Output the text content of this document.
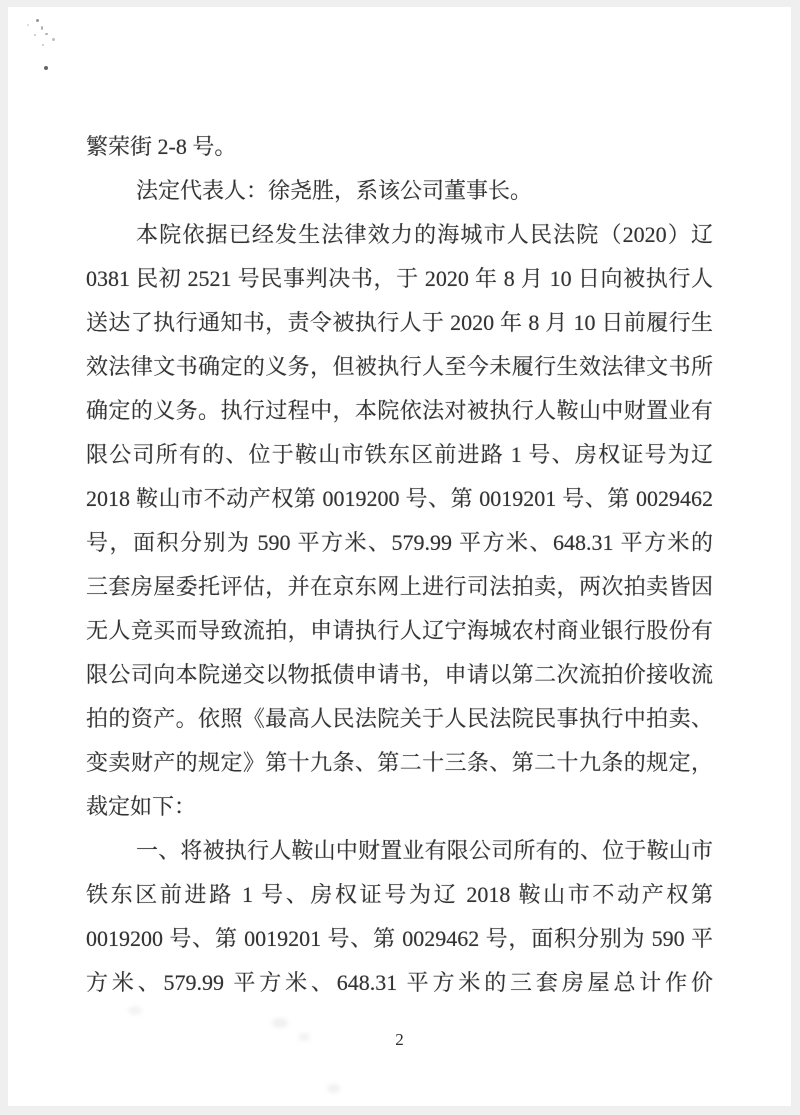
繁荣街 2-8 号。
法定代表人：徐尧胜，系该公司董事长。
本院依据已经发生法律效力的海城市人民法院（2020）辽
0381 民初 2521 号民事判决书，于 2020 年 8 月 10 日向被执行人
送达了执行通知书，责令被执行人于 2020 年 8 月 10 日前履行生
效法律文书确定的义务，但被执行人至今未履行生效法律文书所
确定的义务。执行过程中，本院依法对被执行人鞍山中财置业有
限公司所有的、位于鞍山市铁东区前进路 1 号、房权证号为辽
2018 鞍山市不动产权第 0019200 号、第 0019201 号、第 0029462
号，面积分别为 590 平方米、579.99 平方米、648.31 平方米的
三套房屋委托评估，并在京东网上进行司法拍卖，两次拍卖皆因
无人竞买而导致流拍，申请执行人辽宁海城农村商业银行股份有
限公司向本院递交以物抵债申请书，申请以第二次流拍价接收流
拍的资产。依照《最高人民法院关于人民法院民事执行中拍卖、
变卖财产的规定》第十九条、第二十三条、第二十九条的规定，
裁定如下：
一、将被执行人鞍山中财置业有限公司所有的、位于鞍山市
铁东区前进路 1 号、房权证号为辽 2018 鞍山市不动产权第
0019200 号、第 0019201 号、第 0029462 号，面积分别为 590 平
方米、579.99 平方米、648.31 平方米的三套房屋总计作价
2
